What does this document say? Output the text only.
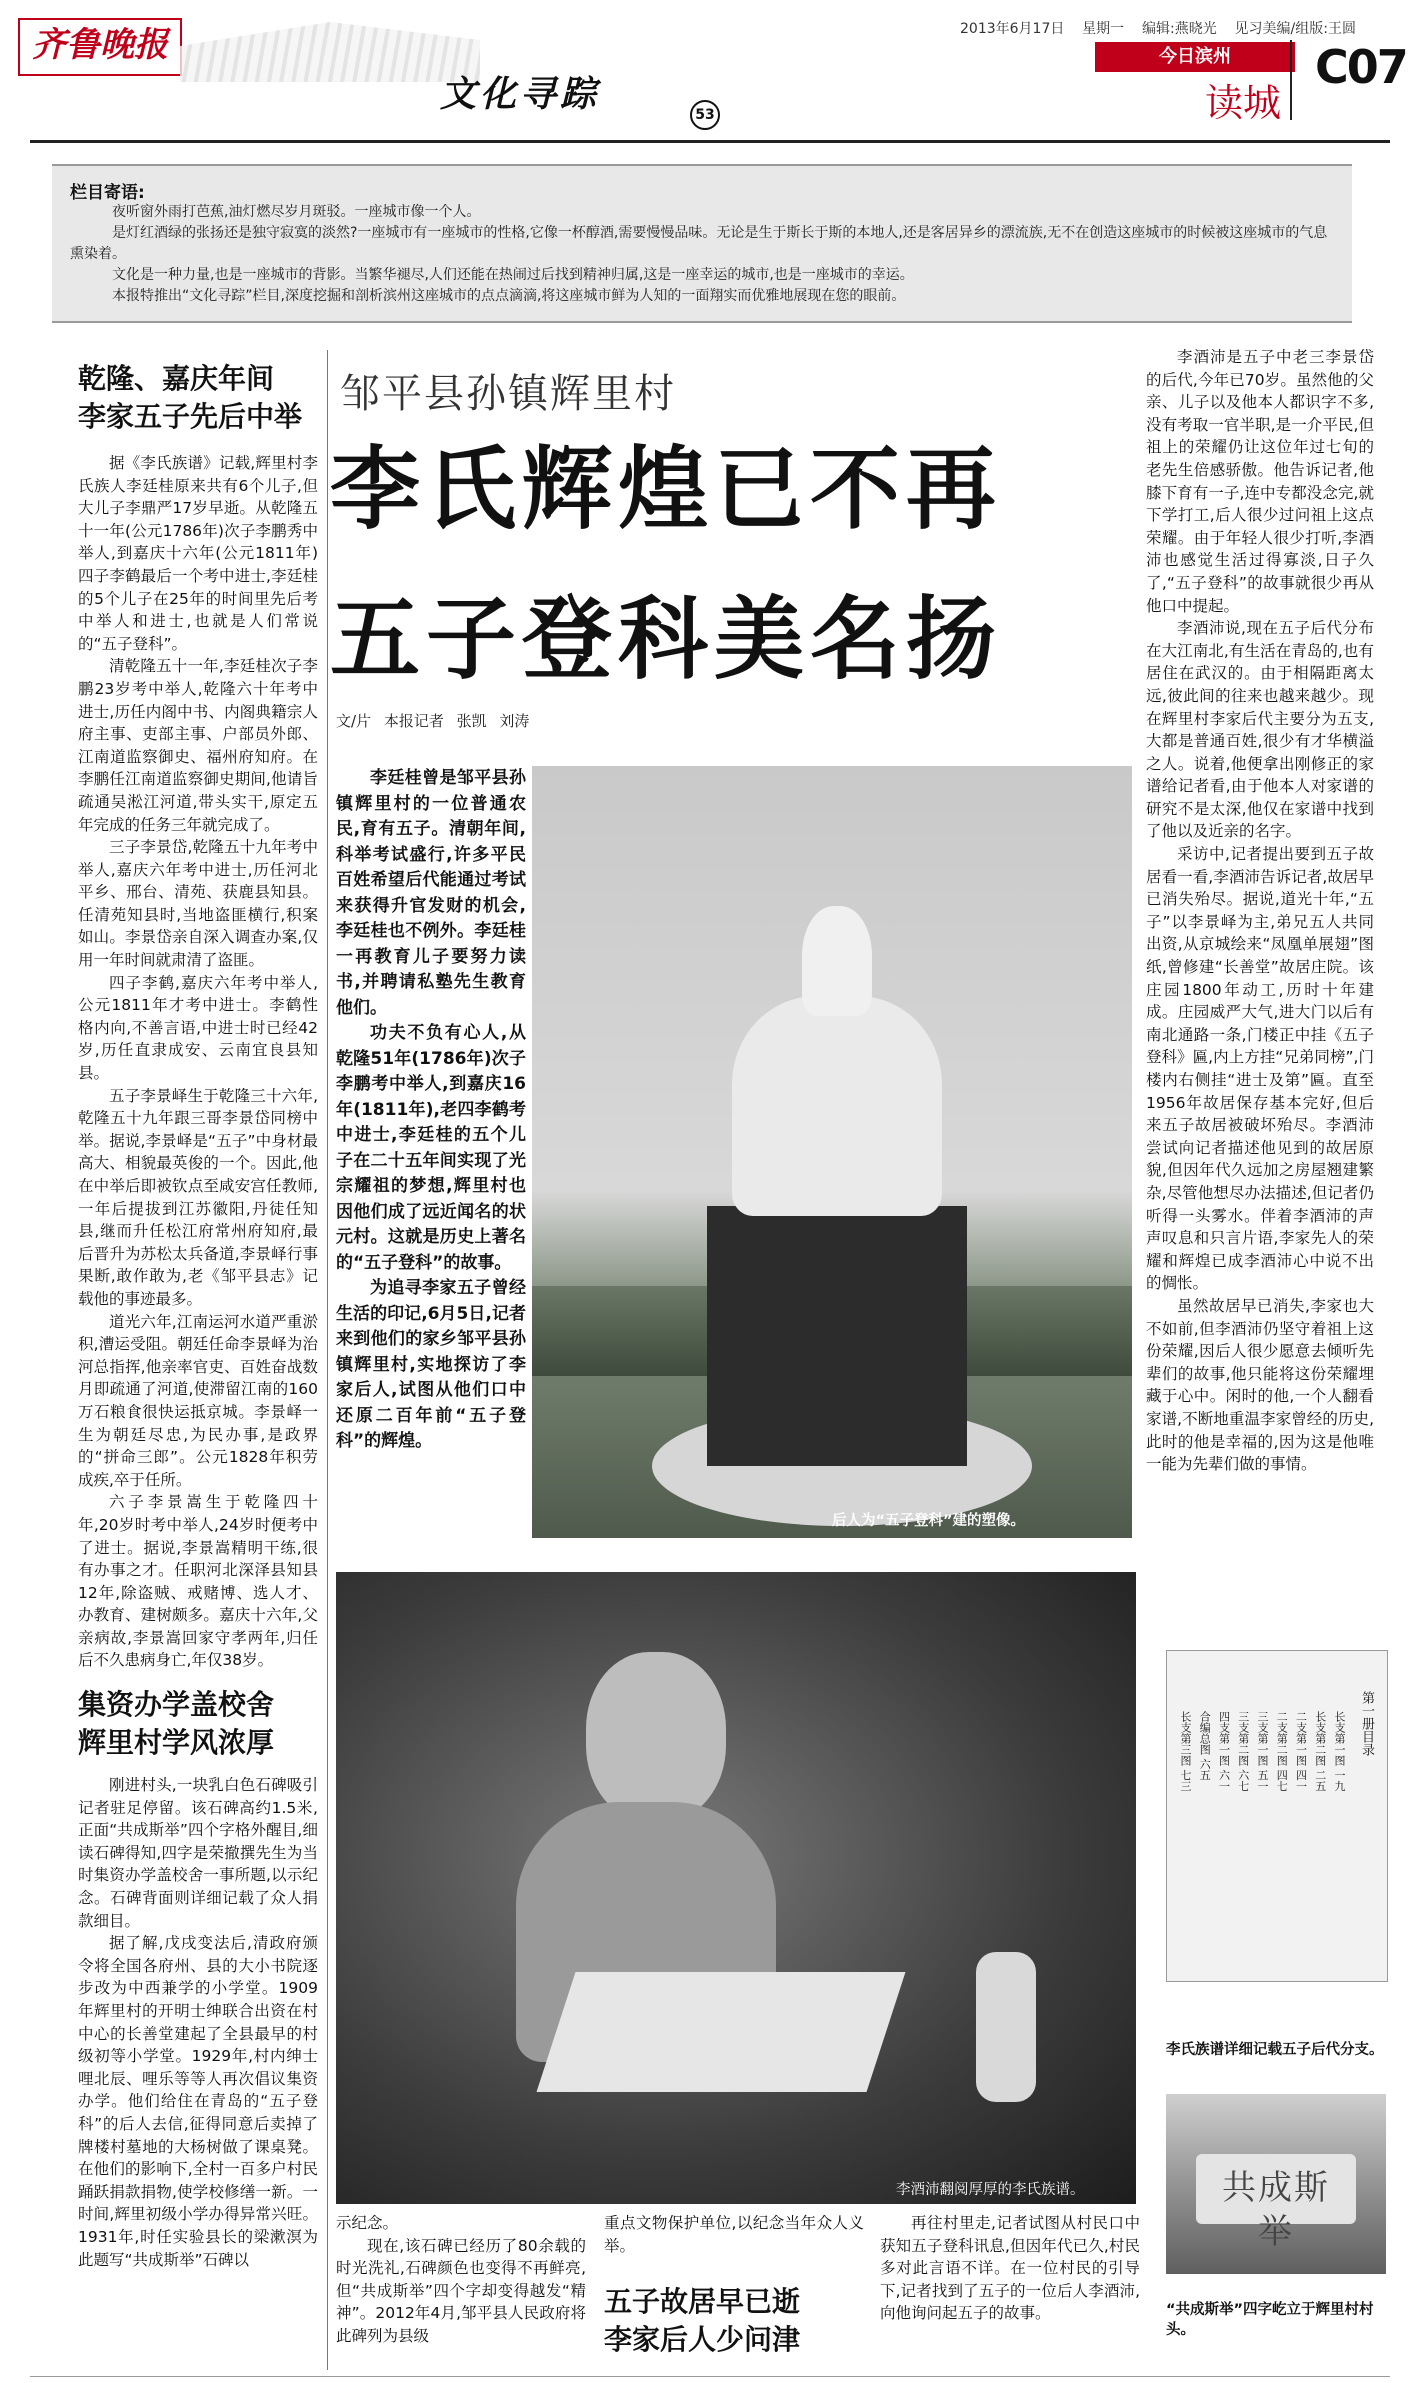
齐鲁晚报
文化寻踪	53
2013年6月17日 星期一 编辑:燕晓光 见习美编/组版:王圆
今日滨州
读城
C07
栏目寄语:

夜听窗外雨打芭蕉,油灯燃尽岁月斑驳。一座城市像一个人。

是灯红酒绿的张扬还是独守寂寞的淡然?一座城市有一座城市的性格,它像一杯醇酒,需要慢慢品味。无论是生于斯长于斯的本地人,还是客居异乡的漂流族,无不在创造这座城市的时候被这座城市的气息熏染着。

文化是一种力量,也是一座城市的背影。当繁华褪尽,人们还能在热闹过后找到精神归属,这是一座幸运的城市,也是一座城市的幸运。

本报特推出“文化寻踪”栏目,深度挖掘和剖析滨州这座城市的点点滴滴,将这座城市鲜为人知的一面翔实而优雅地展现在您的眼前。

邹平县孙镇辉里村
李氏辉煌已不再
五子登科美名扬
文/片 本报记者 张凯 刘涛

乾隆、嘉庆年间

李家五子先后中举

据《李氏族谱》记载,辉里村李氏族人李廷桂原来共有6个儿子,但大儿子李鼎严17岁早逝。从乾隆五十一年(公元1786年)次子李鹏秀中举人,到嘉庆十六年(公元1811年)四子李鹤最后一个考中进士,李廷桂的5个儿子在25年的时间里先后考中举人和进士,也就是人们常说的“五子登科”。

清乾隆五十一年,李廷桂次子李鹏23岁考中举人,乾隆六十年考中进士,历任内阁中书、内阁典籍宗人府主事、吏部主事、户部员外郎、江南道监察御史、福州府知府。在李鹏任江南道监察御史期间,他请旨疏通吴淞江河道,带头实干,原定五年完成的任务三年就完成了。

三子李景岱,乾隆五十九年考中举人,嘉庆六年考中进士,历任河北平乡、邢台、清苑、获鹿县知县。任清苑知县时,当地盗匪横行,积案如山。李景岱亲自深入调查办案,仅用一年时间就肃清了盗匪。

四子李鹤,嘉庆六年考中举人,公元1811年才考中进士。李鹤性格内向,不善言语,中进士时已经42岁,历任直隶成安、云南宜良县知县。

五子李景峄生于乾隆三十六年,乾隆五十九年跟三哥李景岱同榜中举。据说,李景峄是“五子”中身材最高大、相貌最英俊的一个。因此,他在中举后即被钦点至咸安宫任教师,一年后提拔到江苏徽阳,丹徒任知县,继而升任松江府常州府知府,最后晋升为苏松太兵备道,李景峄行事果断,敢作敢为,老《邹平县志》记载他的事迹最多。

道光六年,江南运河水道严重淤积,漕运受阻。朝廷任命李景峄为治河总指挥,他亲率官吏、百姓奋战数月即疏通了河道,使滞留江南的160万石粮食很快运抵京城。李景峄一生为朝廷尽忠,为民办事,是政界的“拼命三郎”。公元1828年积劳成疾,卒于任所。

六子李景嵩生于乾隆四十年,20岁时考中举人,24岁时便考中了进士。据说,李景嵩精明干练,很有办事之才。任职河北深泽县知县12年,除盗贼、戒赌博、选人才、办教育、建树颇多。嘉庆十六年,父亲病故,李景嵩回家守孝两年,归任后不久患病身亡,年仅38岁。

集资办学盖校舍

辉里村学风浓厚

刚进村头,一块乳白色石碑吸引记者驻足停留。该石碑高约1.5米,正面“共成斯举”四个字格外醒目,细读石碑得知,四字是荣撤撰先生为当时集资办学盖校舍一事所题,以示纪念。石碑背面则详细记载了众人捐款细目。

据了解,戊戌变法后,清政府颁令将全国各府州、县的大小书院逐步改为中西兼学的小学堂。1909年辉里村的开明士绅联合出资在村中心的长善堂建起了全县最早的村级初等小学堂。1929年,村内绅士哩北辰、哩乐等等人再次倡议集资办学。他们给住在青岛的“五子登科”的后人去信,征得同意后卖掉了牌楼村墓地的大杨树做了课桌凳。在他们的影响下,全村一百多户村民踊跃捐款捐物,使学校修缮一新。一时间,辉里初级小学办得异常兴旺。1931年,时任实验县长的梁漱溟为此题写“共成斯举”石碑以

李廷桂曾是邹平县孙镇辉里村的一位普通农民,育有五子。清朝年间,科举考试盛行,许多平民百姓希望后代能通过考试来获得升官发财的机会,李廷桂也不例外。李廷桂一再教育儿子要努力读书,并聘请私塾先生教育他们。

功夫不负有心人,从乾隆51年(1786年)次子李鹏考中举人,到嘉庆16年(1811年),老四李鹤考中进士,李廷桂的五个儿子在二十五年间实现了光宗耀祖的梦想,辉里村也因他们成了远近闻名的状元村。这就是历史上著名的“五子登科”的故事。

为追寻李家五子曾经生活的印记,6月5日,记者来到他们的家乡邹平县孙镇辉里村,实地探访了李家后人,试图从他们口中还原二百年前“五子登科”的辉煌。

后人为“五子登科”建的塑像。

李酒沛是五子中老三李景岱的后代,今年已70岁。虽然他的父亲、儿子以及他本人都识字不多,没有考取一官半职,是一介平民,但祖上的荣耀仍让这位年过七旬的老先生倍感骄傲。他告诉记者,他膝下育有一子,连中专都没念完,就下学打工,后人很少过问祖上这点荣耀。由于年轻人很少打听,李酒沛也感觉生活过得寡淡,日子久了,“五子登科”的故事就很少再从他口中提起。

李酒沛说,现在五子后代分布在大江南北,有生活在青岛的,也有居住在武汉的。由于相隔距离太远,彼此间的往来也越来越少。现在辉里村李家后代主要分为五支,大都是普通百姓,很少有才华横溢之人。说着,他便拿出刚修正的家谱给记者看,由于他本人对家谱的研究不是太深,他仅在家谱中找到了他以及近亲的名字。

采访中,记者提出要到五子故居看一看,李酒沛告诉记者,故居早已消失殆尽。据说,道光十年,“五子”以李景峄为主,弟兄五人共同出资,从京城绘来“凤凰单展翅”图纸,曾修建“长善堂”故居庄院。该庄园1800年动工,历时十年建成。庄园威严大气,进大门以后有南北通路一条,门楼正中挂《五子登科》匾,内上方挂“兄弟同榜”,门楼内右侧挂“进士及第”匾。直至1956年故居保存基本完好,但后来五子故居被破坏殆尽。李酒沛尝试向记者描述他见到的故居原貌,但因年代久远加之房屋翘建繁杂,尽管他想尽办法描述,但记者仍听得一头雾水。伴着李酒沛的声声叹息和只言片语,李家先人的荣耀和辉煌已成李酒沛心中说不出的惆怅。

虽然故居早已消失,李家也大不如前,但李酒沛仍坚守着祖上这份荣耀,因后人很少愿意去倾听先辈们的故事,他只能将这份荣耀埋藏于心中。闲时的他,一个人翻看家谱,不断地重温李家曾经的历史,此时的他是幸福的,因为这是他唯一能为先辈们做的事情。

李酒沛翻阅厚厚的李氏族谱。
第一册目录
长支第一图 一九
长支第二图 二五
二支第一图 四一
二支第二图 四七
三支第一图 五一
三支第二图 六七
四支第一图 六一
合编总图 六五
长支第三图 七三
李氏族谱详细记载五子后代分支。
共成斯举
“共成斯举”四字屹立于辉里村村头。

示纪念。

现在,该石碑已经历了80余载的时光洗礼,石碑颜色也变得不再鲜亮,但“共成斯举”四个字却变得越发“精神”。2012年4月,邹平县人民政府将此碑列为县级

重点文物保护单位,以纪念当年众人义举。

五子故居早已逝

李家后人少问津

再往村里走,记者试图从村民口中获知五子登科讯息,但因年代已久,村民多对此言语不详。在一位村民的引导下,记者找到了五子的一位后人李酒沛,向他询问起五子的故事。
